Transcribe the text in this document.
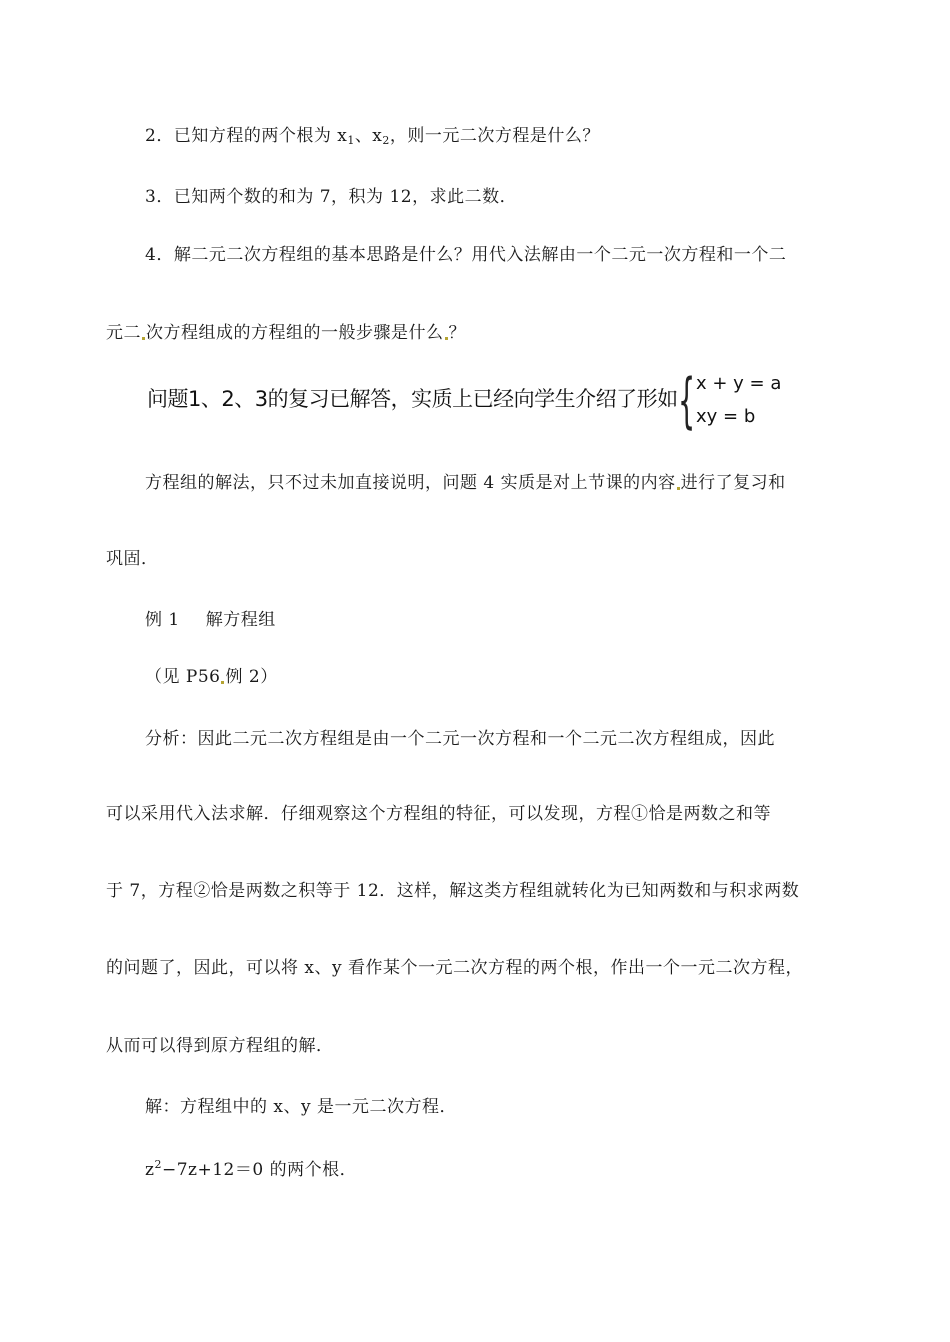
2．已知方程的两个根为 $x_1$、$x_2$，则一元二次方程是什么？
3．已知两个数的和为 7，积为 12，求此二数．
4．解二元二次方程组的基本思路是什么？用代入法解由一个二元一次方程和一个二
元二 次方程组成的方程组的一般步骤是什么 ？
问题1、2、3的复习已解答，实质上已经向学生介绍了形如 { x + y = a
xy = b
方程组的解法，只不过未加直接说明，问题 4 实质是对上节课的内容 进行了复习和
巩固．
例 1 解方程组
（见 P56 例 2）
分析：因此二元二次方程组是由一个二元一次方程和一个二元二次方程组成，因此
可以采用代入法求解．仔细观察这个方程组的特征，可以发现，方程①恰是两数之和等
于 7，方程②恰是两数之积等于 12．这样，解这类方程组就转化为已知两数和与积求两数
的问题了，因此，可以将 x、y 看作某个一元二次方程的两个根，作出一个一元二次方程，
从而可以得到原方程组的解．
解：方程组中的 x、y 是一元二次方程．
$z^2-7z+12=0$ 的两个根．
